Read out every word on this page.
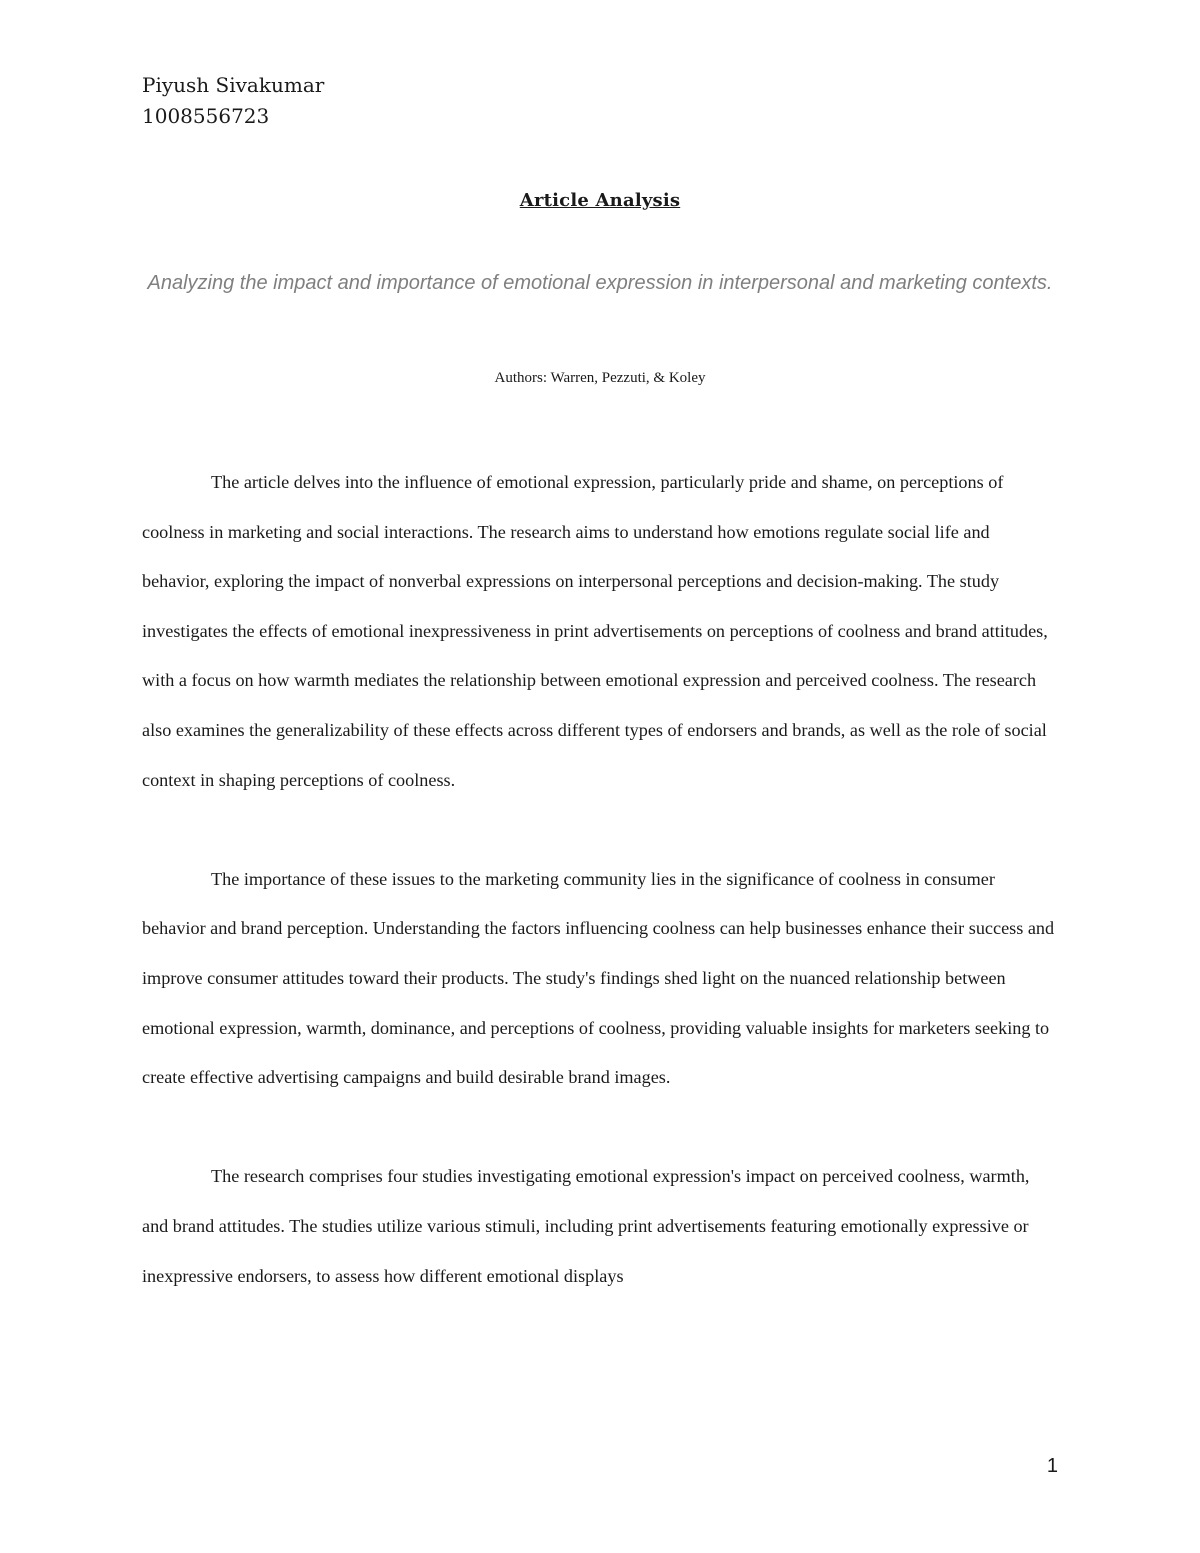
Piyush Sivakumar
1008556723
Article Analysis
Analyzing the impact and importance of emotional expression in interpersonal and marketing contexts.
Authors: Warren, Pezzuti, & Koley

The article delves into the influence of emotional expression, particularly pride and shame, on perceptions of coolness in marketing and social interactions. The research aims to understand how emotions regulate social life and behavior, exploring the impact of nonverbal expressions on interpersonal perceptions and decision-making. The study investigates the effects of emotional inexpressiveness in print advertisements on perceptions of coolness and brand attitudes, with a focus on how warmth mediates the relationship between emotional expression and perceived coolness. The research also examines the generalizability of these effects across different types of endorsers and brands, as well as the role of social context in shaping perceptions of coolness.

The importance of these issues to the marketing community lies in the significance of coolness in consumer behavior and brand perception. Understanding the factors influencing coolness can help businesses enhance their success and improve consumer attitudes toward their products. The study's findings shed light on the nuanced relationship between emotional expression, warmth, dominance, and perceptions of coolness, providing valuable insights for marketers seeking to create effective advertising campaigns and build desirable brand images.

The research comprises four studies investigating emotional expression's impact on perceived coolness, warmth, and brand attitudes. The studies utilize various stimuli, including print advertisements featuring emotionally expressive or inexpressive endorsers, to assess how different emotional displays

1
